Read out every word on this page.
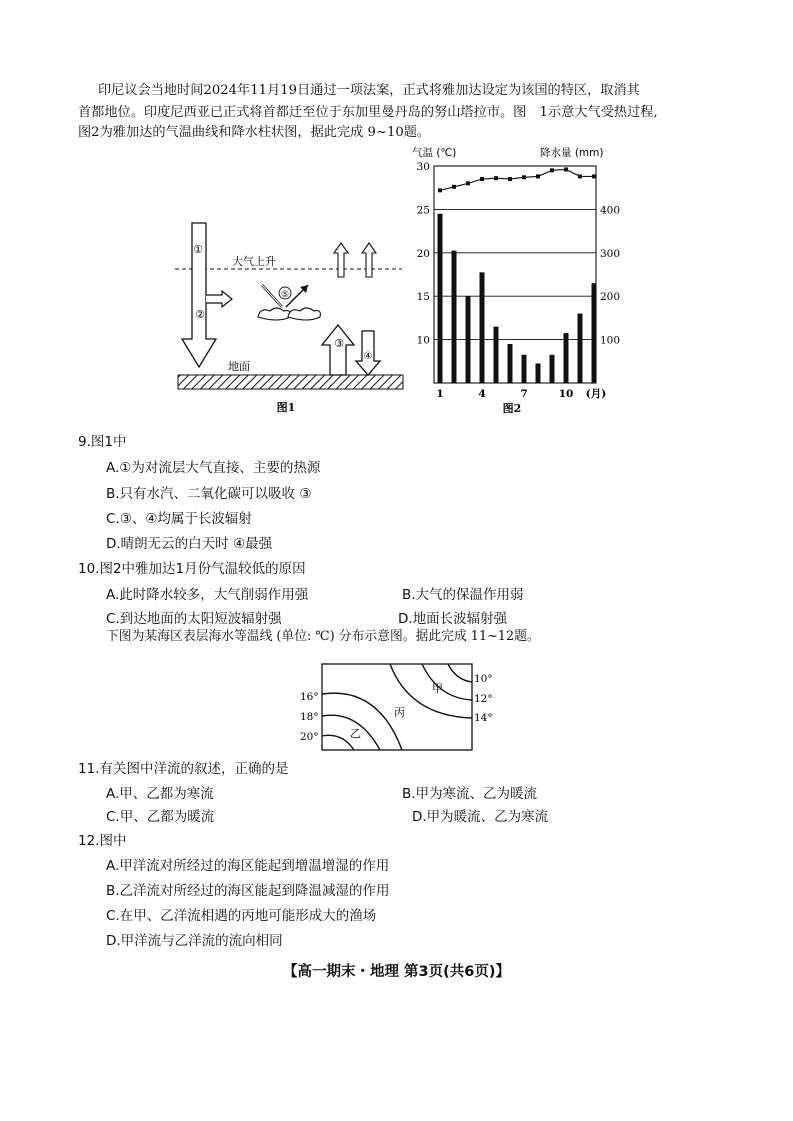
印尼议会当地时间2024年11月19日通过一项法案，正式将雅加达设定为该国的特区，取消其
首都地位。印度尼西亚已正式将首都迁至位于东加里曼丹岛的努山塔拉市。图　1示意大气受热过程,
图2为雅加达的气温曲线和降水柱状图，据此完成 9~10题。
①
②
③
④
⑤
大气上升
地面
图1
气温 (℃)	降水量 (mm)
30
25
20
15
10
400
300
200
100
1	4	7	10 (月)
图2
9.图1中
A.①为对流层大气直接、主要的热源
B.只有水汽、二氧化碳可以吸收 ③
C.③、④均属于长波辐射
D.晴朗无云的白天时 ④最强
10.图2中雅加达1月份气温较低的原因
A.此时降水较多，大气削弱作用强	B.大气的保温作用弱
C.到达地面的太阳短波辐射强	D.地面长波辐射强
下图为某海区表层海水等温线 (单位: ℃) 分布示意图。据此完成 11~12题。
16°
18°
20°
10°
12°
14°
甲
乙
丙
11.有关图中洋流的叙述，正确的是
A.甲、乙都为寒流	B.甲为寒流、乙为暖流
C.甲、乙都为暖流	D.甲为暖流、乙为寒流
12.图中
A.甲洋流对所经过的海区能起到增温增湿的作用
B.乙洋流对所经过的海区能起到降温减湿的作用
C.在甲、乙洋流相遇的丙地可能形成大的渔场
D.甲洋流与乙洋流的流向相同
【高一期末・地理 第3页(共6页)】
